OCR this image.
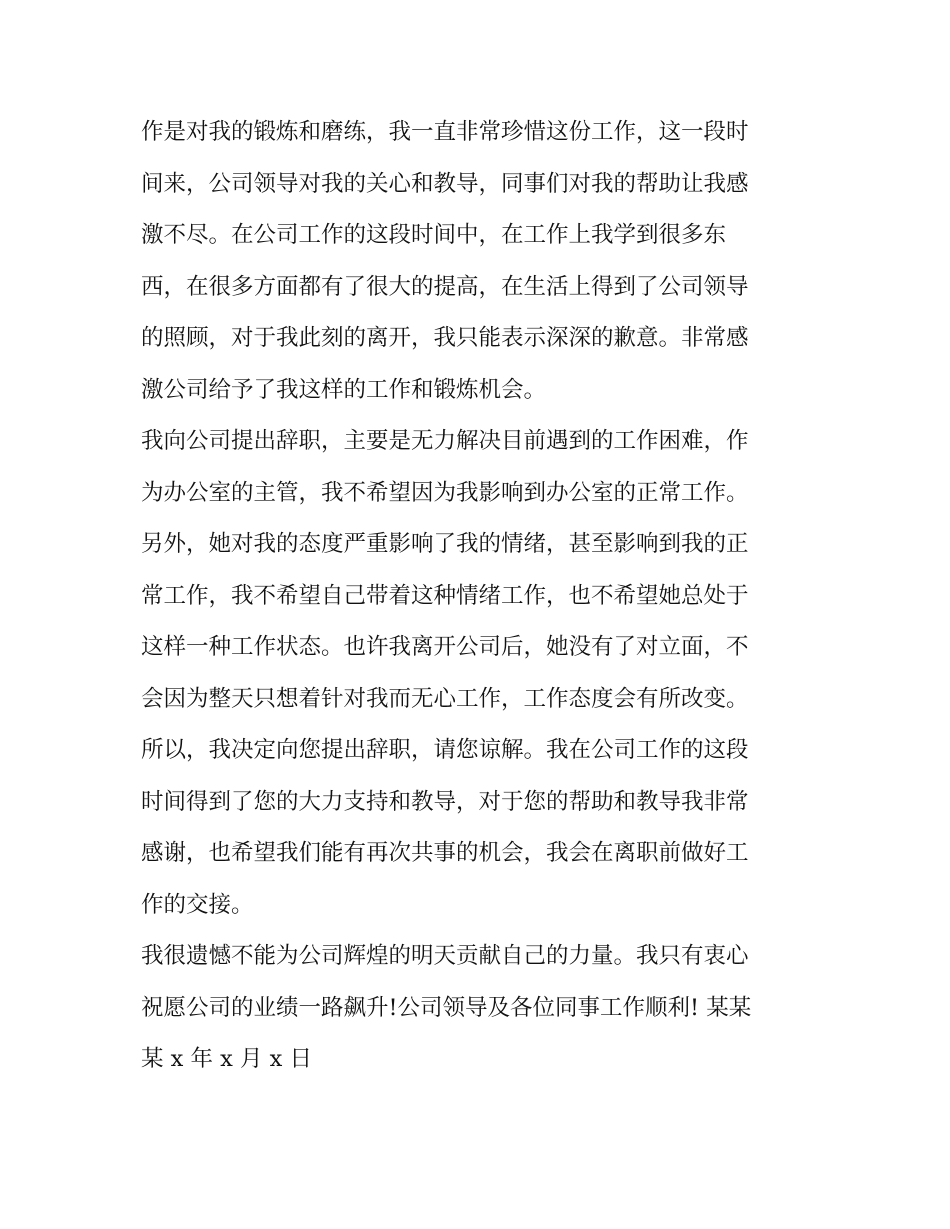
作是对我的锻炼和磨练，我一直非常珍惜这份工作，这一段时
间来，公司领导对我的关心和教导，同事们对我的帮助让我感
激不尽。在公司工作的这段时间中，在工作上我学到很多东
西，在很多方面都有了很大的提高，在生活上得到了公司领导
的照顾，对于我此刻的离开，我只能表示深深的歉意。非常感
激公司给予了我这样的工作和锻炼机会。
我向公司提出辞职，主要是无力解决目前遇到的工作困难，作
为办公室的主管，我不希望因为我影响到办公室的正常工作。
另外，她对我的态度严重影响了我的情绪，甚至影响到我的正
常工作，我不希望自己带着这种情绪工作，也不希望她总处于
这样一种工作状态。也许我离开公司后，她没有了对立面，不
会因为整天只想着针对我而无心工作，工作态度会有所改变。
所以，我决定向您提出辞职，请您谅解。我在公司工作的这段
时间得到了您的大力支持和教导，对于您的帮助和教导我非常
感谢，也希望我们能有再次共事的机会，我会在离职前做好工
作的交接。
我很遗憾不能为公司辉煌的明天贡献自己的力量。我只有衷心
祝愿公司的业绩一路飙升!公司领导及各位同事工作顺利! 某某
某 x 年 x 月 x 日
